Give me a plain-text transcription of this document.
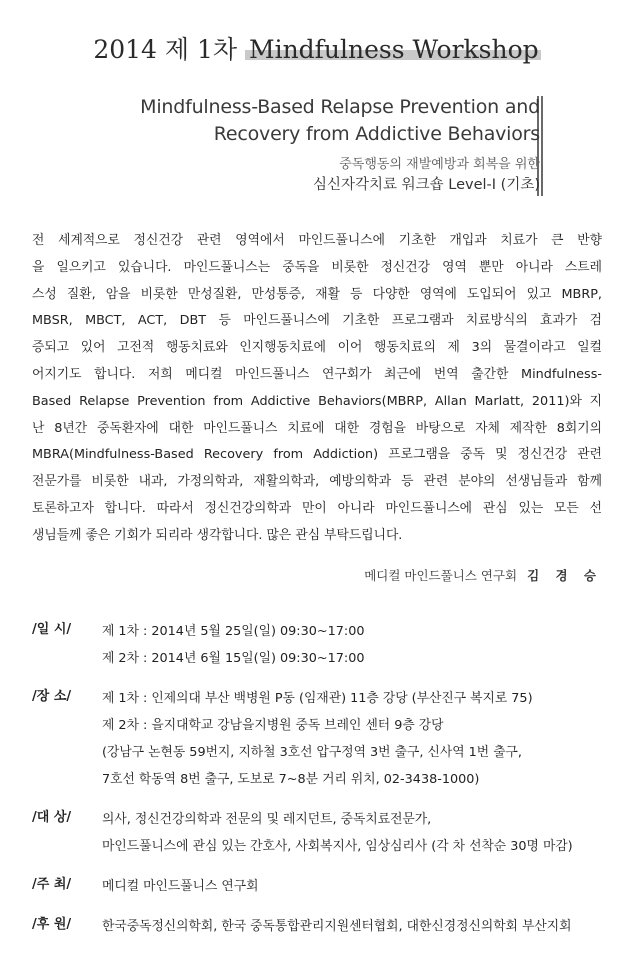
2014 제 1차 Mindfulness Workshop
Mindfulness-Based Relapse Prevention and
Recovery from Addictive Behaviors
중독행동의 재발예방과 회복을 위한
심신자각치료 워크숍 Level-I (기초)
전 세계적으로 정신건강 관련 영역에서 마인드풀니스에 기초한 개입과 치료가 큰 반향
을 일으키고 있습니다. 마인드풀니스는 중독을 비롯한 정신건강 영역 뿐만 아니라 스트레
스성 질환, 암을 비롯한 만성질환, 만성통증, 재활 등 다양한 영역에 도입되어 있고 MBRP,
MBSR, MBCT, ACT, DBT 등 마인드풀니스에 기초한 프로그램과 치료방식의 효과가 검
증되고 있어 고전적 행동치료와 인지행동치료에 이어 행동치료의 제 3의 물결이라고 일컬
어지기도 합니다. 저희 메디컬 마인드풀니스 연구회가 최근에 번역 출간한 Mindfulness-
Based Relapse Prevention from Addictive Behaviors(MBRP, Allan Marlatt, 2011)와 지
난 8년간 중독환자에 대한 마인드풀니스 치료에 대한 경험을 바탕으로 자체 제작한 8회기의
MBRA(Mindfulness-Based Recovery from Addiction) 프로그램을 중독 및 정신건강 관련
전문가를 비롯한 내과, 가정의학과, 재활의학과, 예방의학과 등 관련 분야의 선생님들과 함께
토론하고자 합니다. 따라서 정신건강의학과 만이 아니라 마인드풀니스에 관심 있는 모든 선
생님들께 좋은 기회가 되리라 생각합니다. 많은 관심 부탁드립니다.
메디컬 마인드풀니스 연구회 김 경 승
/일 시/	제 1차 : 2014년 5월 25일(일) 09:30~17:00
제 2차 : 2014년 6월 15일(일) 09:30~17:00
/장 소/	제 1차 : 인제의대 부산 백병원 P동 (임재관) 11층 강당 (부산진구 복지로 75)
제 2차 : 을지대학교 강남을지병원 중독 브레인 센터 9층 강당
(강남구 논현동 59번지, 지하철 3호선 압구정역 3번 출구, 신사역 1번 출구,
7호선 학동역 8번 출구, 도보로 7~8분 거리 위치, 02-3438-1000)
/대 상/	의사, 정신건강의학과 전문의 및 레지던트, 중독치료전문가,
마인드풀니스에 관심 있는 간호사, 사회복지사, 임상심리사 (각 차 선착순 30명 마감)
/주 최/	메디컬 마인드풀니스 연구회
/후 원/	한국중독정신의학회, 한국 중독통합관리지원센터협회, 대한신경정신의학회 부산지회
